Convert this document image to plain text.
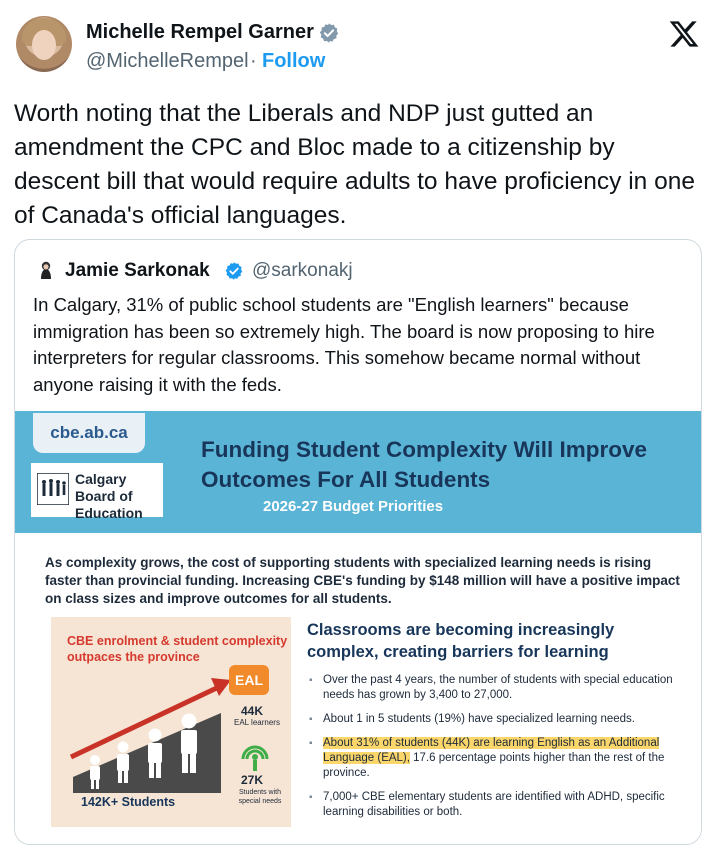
Michelle Rempel Garner
@MichelleRempel · Follow
Worth noting that the Liberals and NDP just gutted an amendment the CPC and Bloc made to a citizenship by descent bill that would require adults to have proficiency in one of Canada's official languages.
Jamie Sarkonak @sarkonakj
In Calgary, 31% of public school students are "English learners" because immigration has been so extremely high. The board is now proposing to hire interpreters for regular classrooms. This somehow became normal without anyone raising it with the feds.
cbe.ab.ca
Calgary Board of Education
Funding Student Complexity Will Improve Outcomes For All Students
2026-27 Budget Priorities
As complexity grows, the cost of supporting students with specialized learning needs is rising faster than provincial funding. Increasing CBE's funding by $148 million will have a positive impact on class sizes and improve outcomes for all students.
CBE enrolment & student complexity outpaces the province
EAL
44K
EAL learners
27K
Students with special needs
142K+ Students
Classrooms are becoming increasingly complex, creating barriers for learning
▪ Over the past 4 years, the number of students with special education needs has grown by 3,400 to 27,000.
▪ About 1 in 5 students (19%) have specialized learning needs.
▪ About 31% of students (44K) are learning English as an Additional Language (EAL), 17.6 percentage points higher than the rest of the province.
▪ 7,000+ CBE elementary students are identified with ADHD, specific learning disabilities or both.
